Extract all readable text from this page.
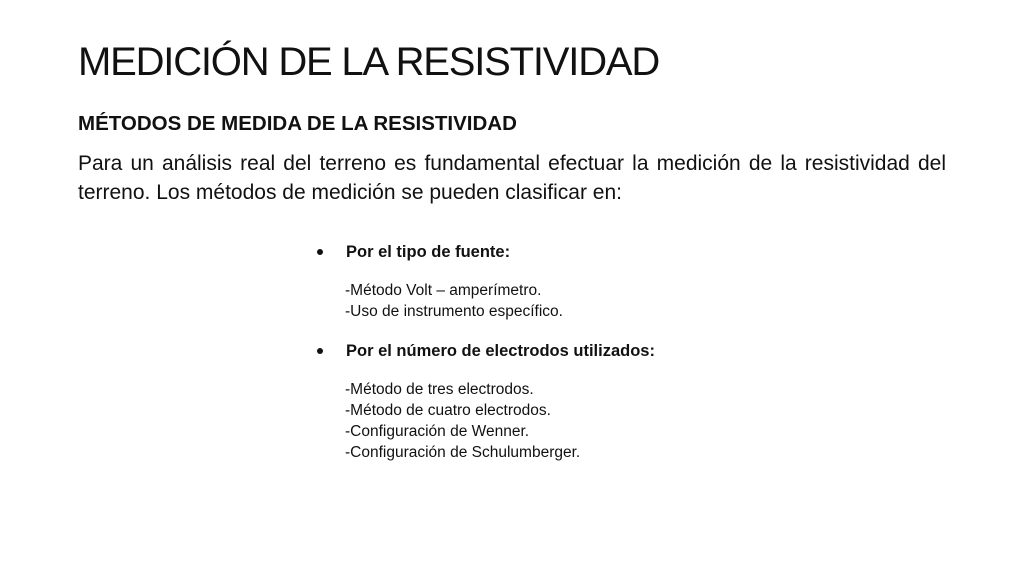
MEDICIÓN DE LA RESISTIVIDAD
MÉTODOS DE MEDIDA DE LA RESISTIVIDAD

Para un análisis real del terreno es fundamental efectuar la medición de la resistividad del terreno. Los métodos de medición se pueden clasificar en:

Por el tipo de fuente:
-Método Volt – amperímetro.
-Uso de instrumento específico.
Por el número de electrodos utilizados:
-Método de tres electrodos.
-Método de cuatro electrodos.
-Configuración de Wenner.
-Configuración de Schulumberger.
